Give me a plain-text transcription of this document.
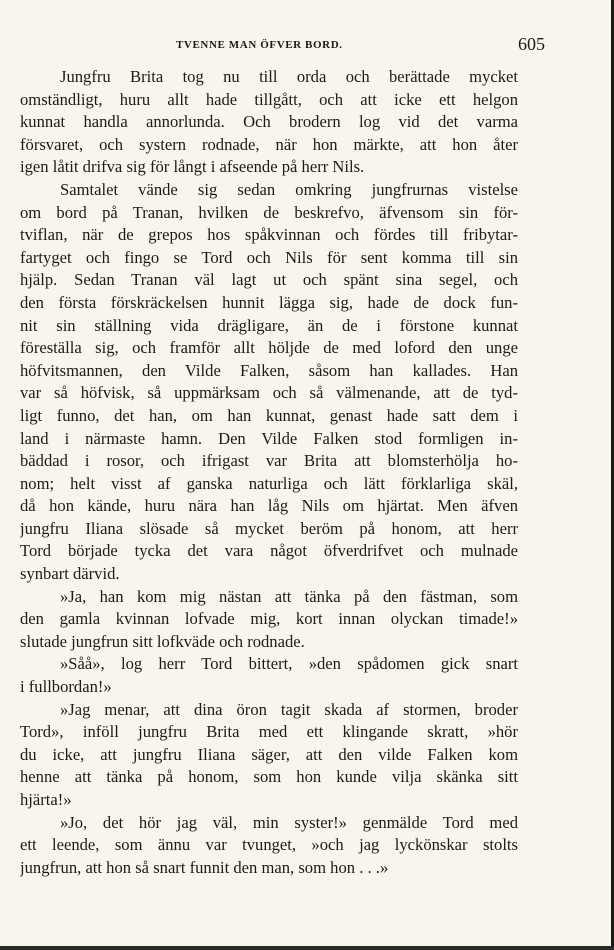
TVENNE MAN ÖFVER BORD.	605
Jungfru Brita tog nu till orda och berättade mycket
omständligt, huru allt hade tillgått, och att icke ett helgon
kunnat handla annorlunda. Och brodern log vid det varma
försvaret, och systern rodnade, när hon märkte, att hon åter
igen låtit drifva sig för långt i afseende på herr Nils.
Samtalet vände sig sedan omkring jungfrurnas vistelse
om bord på Tranan, hvilken de beskrefvo, äfvensom sin för-
tviflan, när de grepos hos spåkvinnan och fördes till fribytar-
fartyget och fingo se Tord och Nils för sent komma till sin
hjälp. Sedan Tranan väl lagt ut och spänt sina segel, och
den första förskräckelsen hunnit lägga sig, hade de dock fun-
nit sin ställning vida drägligare, än de i förstone kunnat
föreställa sig, och framför allt höljde de med loford den unge
höfvitsmannen, den Vilde Falken, såsom han kallades. Han
var så höfvisk, så uppmärksam och så välmenande, att de tyd-
ligt funno, det han, om han kunnat, genast hade satt dem i
land i närmaste hamn. Den Vilde Falken stod formligen in-
bäddad i rosor, och ifrigast var Brita att blomsterhölja ho-
nom; helt visst af ganska naturliga och lätt förklarliga skäl,
då hon kände, huru nära han låg Nils om hjärtat. Men äfven
jungfru Iliana slösade så mycket beröm på honom, att herr
Tord började tycka det vara något öfverdrifvet och mulnade
synbart därvid.
»Ja, han kom mig nästan att tänka på den fästman, som
den gamla kvinnan lofvade mig, kort innan olyckan timade!»
slutade jungfrun sitt lofkväde och rodnade.
»Såå», log herr Tord bittert, »den spådomen gick snart
i fullbordan!»
»Jag menar, att dina öron tagit skada af stormen, broder
Tord», inföll jungfru Brita med ett klingande skratt, »hör
du icke, att jungfru Iliana säger, att den vilde Falken kom
henne att tänka på honom, som hon kunde vilja skänka sitt
hjärta!»
»Jo, det hör jag väl, min syster!» genmälde Tord med
ett leende, som ännu var tvunget, »och jag lyckönskar stolts
jungfrun, att hon så snart funnit den man, som hon . . .»
